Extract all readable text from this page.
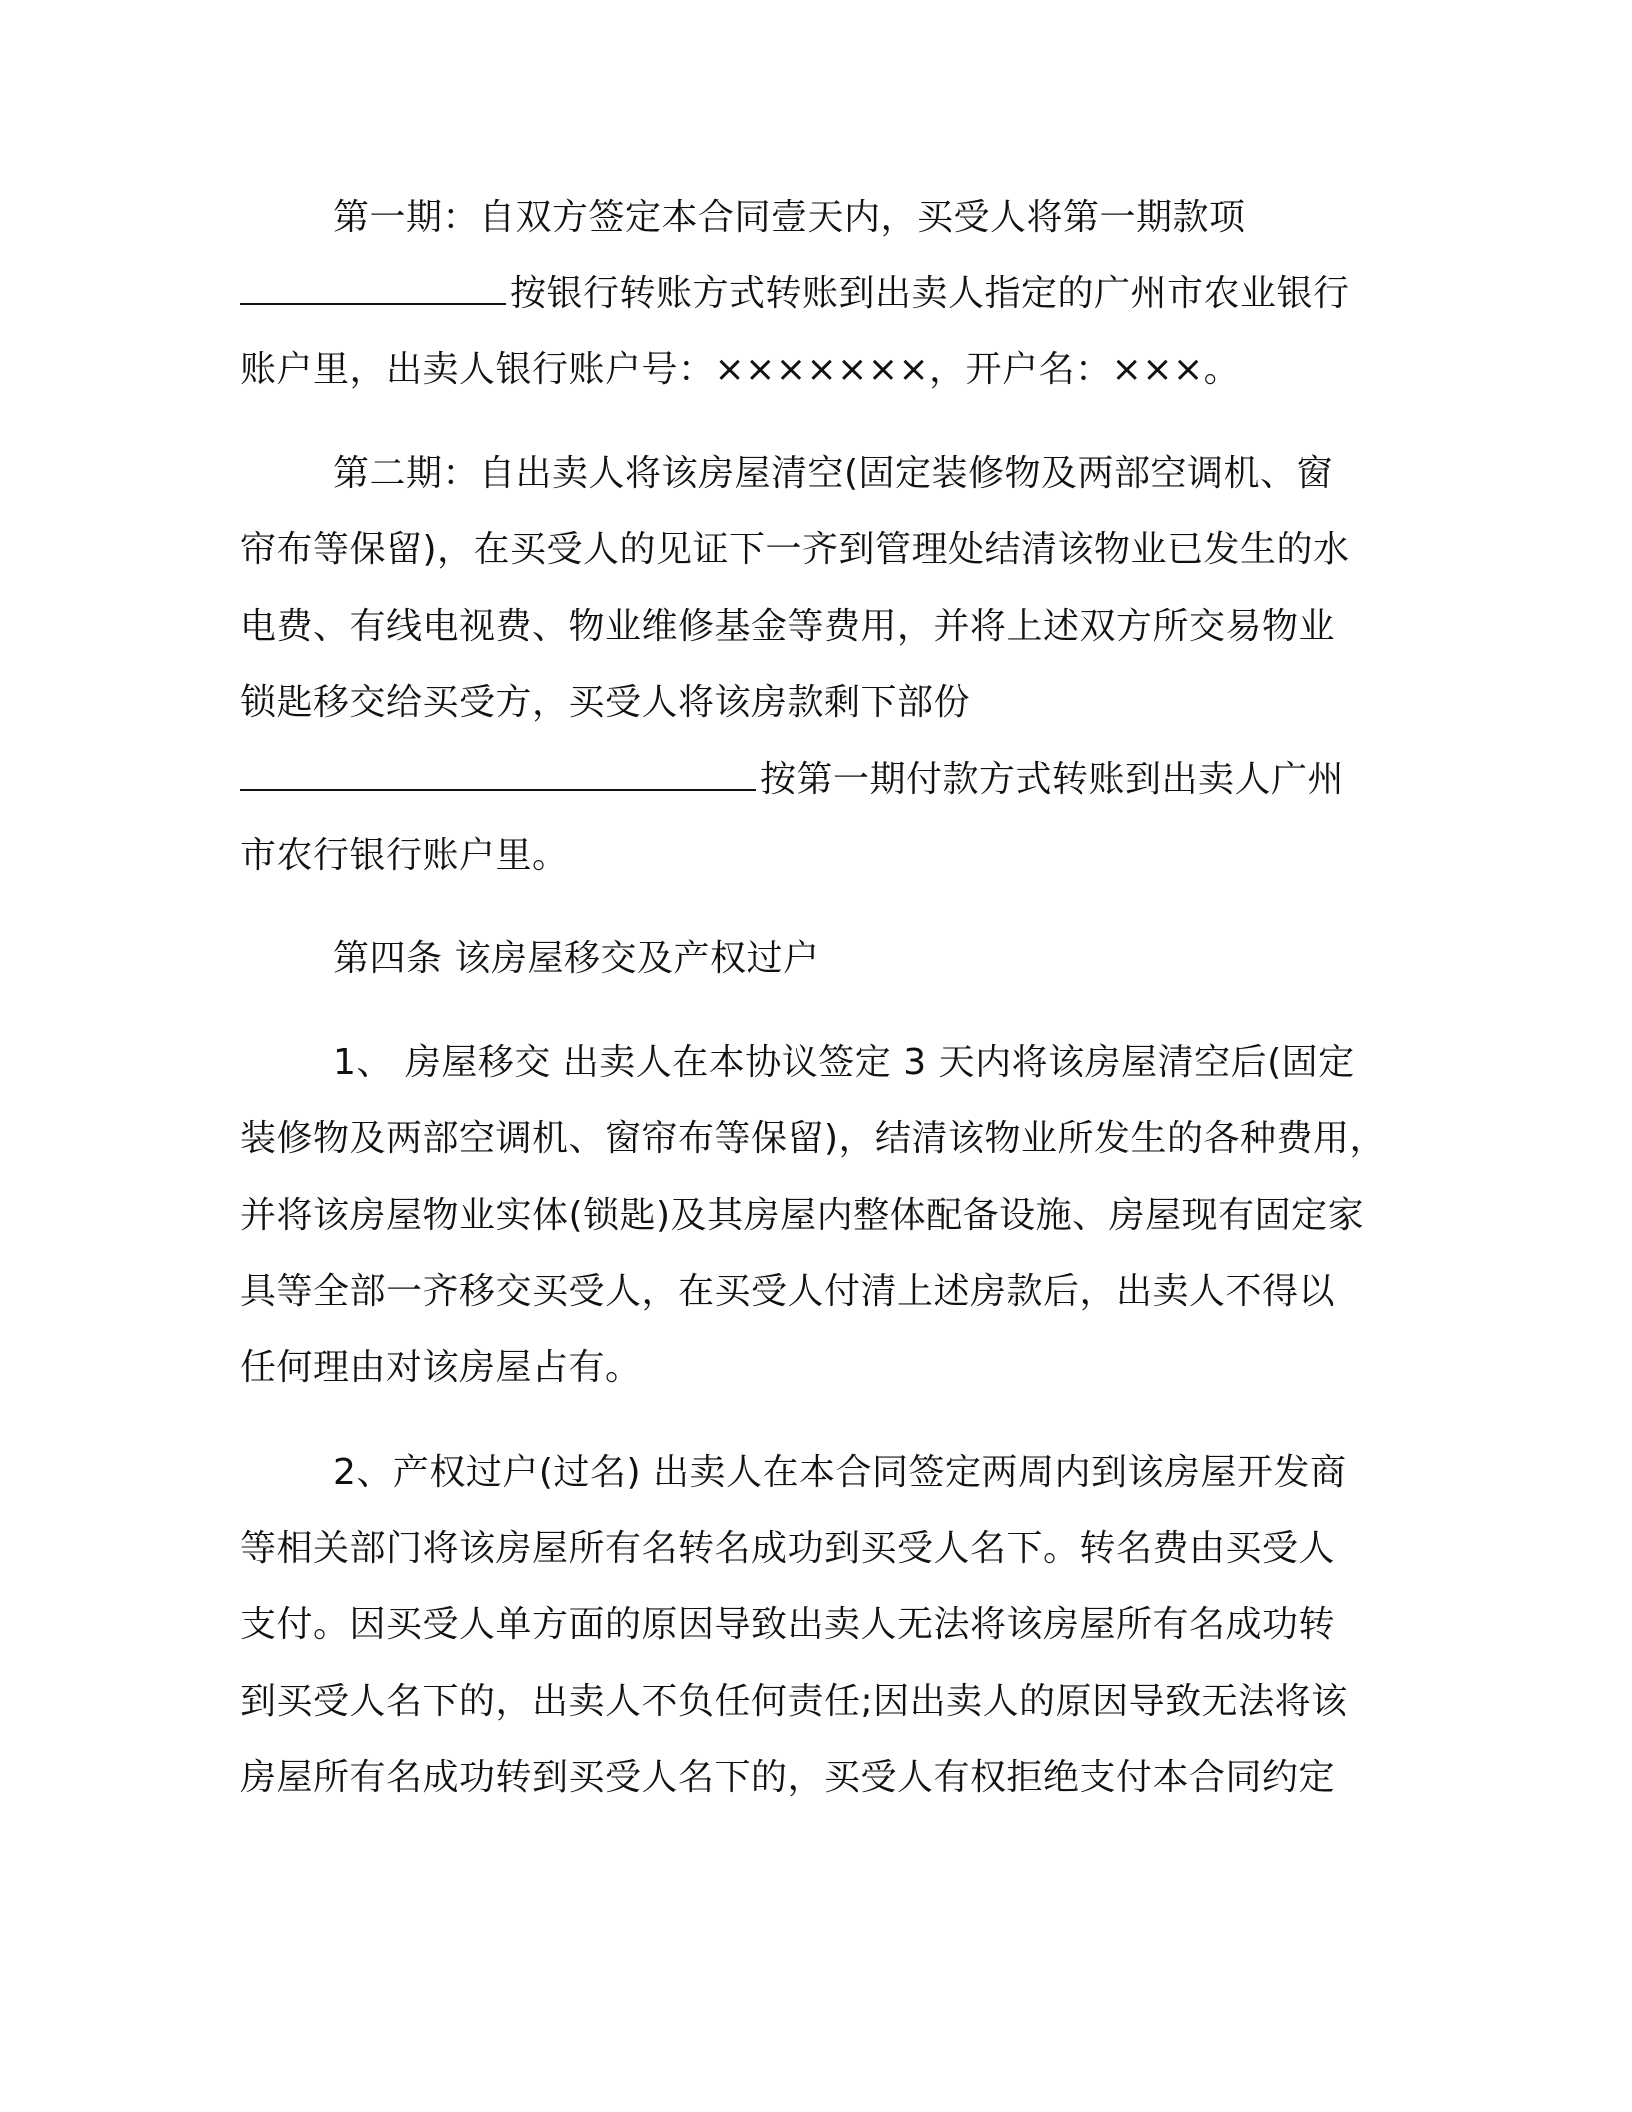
第一期：自双方签定本合同壹天内，买受人将第一期款项
按银行转账方式转账到出卖人指定的广州市农业银行
账户里，出卖人银行账户号：×××××××，开户名：×××。
第二期：自出卖人将该房屋清空(固定装修物及两部空调机、窗
帘布等保留)，在买受人的见证下一齐到管理处结清该物业已发生的水
电费、有线电视费、物业维修基金等费用，并将上述双方所交易物业
锁匙移交给买受方，买受人将该房款剩下部份
按第一期付款方式转账到出卖人广州
市农行银行账户里。
第四条 该房屋移交及产权过户
1、 房屋移交 出卖人在本协议签定 3 天内将该房屋清空后(固定
装修物及两部空调机、窗帘布等保留)，结清该物业所发生的各种费用，
并将该房屋物业实体(锁匙)及其房屋内整体配备设施、房屋现有固定家
具等全部一齐移交买受人，在买受人付清上述房款后，出卖人不得以
任何理由对该房屋占有。
2、产权过户(过名) 出卖人在本合同签定两周内到该房屋开发商
等相关部门将该房屋所有名转名成功到买受人名下。转名费由买受人
支付。因买受人单方面的原因导致出卖人无法将该房屋所有名成功转
到买受人名下的，出卖人不负任何责任;因出卖人的原因导致无法将该
房屋所有名成功转到买受人名下的，买受人有权拒绝支付本合同约定
